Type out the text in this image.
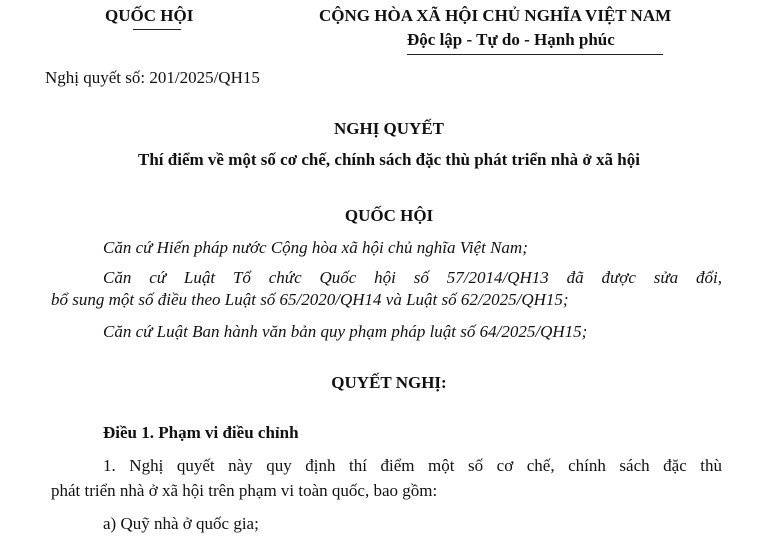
QUỐC HỘI	CỘNG HÒA XÃ HỘI CHỦ NGHĨA VIỆT NAM
Độc lập - Tự do - Hạnh phúc
Nghị quyết số: 201/2025/QH15
NGHỊ QUYẾT
Thí điểm về một số cơ chế, chính sách đặc thù phát triển nhà ở xã hội
QUỐC HỘI
Căn cứ Hiến pháp nước Cộng hòa xã hội chủ nghĩa Việt Nam;
Căn cứ Luật Tổ chức Quốc hội số 57/2014/QH13 đã được sửa đổi,
bổ sung một số điều theo Luật số 65/2020/QH14 và Luật số 62/2025/QH15;
Căn cứ Luật Ban hành văn bản quy phạm pháp luật số 64/2025/QH15;
QUYẾT NGHỊ:
Điều 1. Phạm vi điều chỉnh
1. Nghị quyết này quy định thí điểm một số cơ chế, chính sách đặc thù
phát triển nhà ở xã hội trên phạm vi toàn quốc, bao gồm:
a) Quỹ nhà ở quốc gia;
